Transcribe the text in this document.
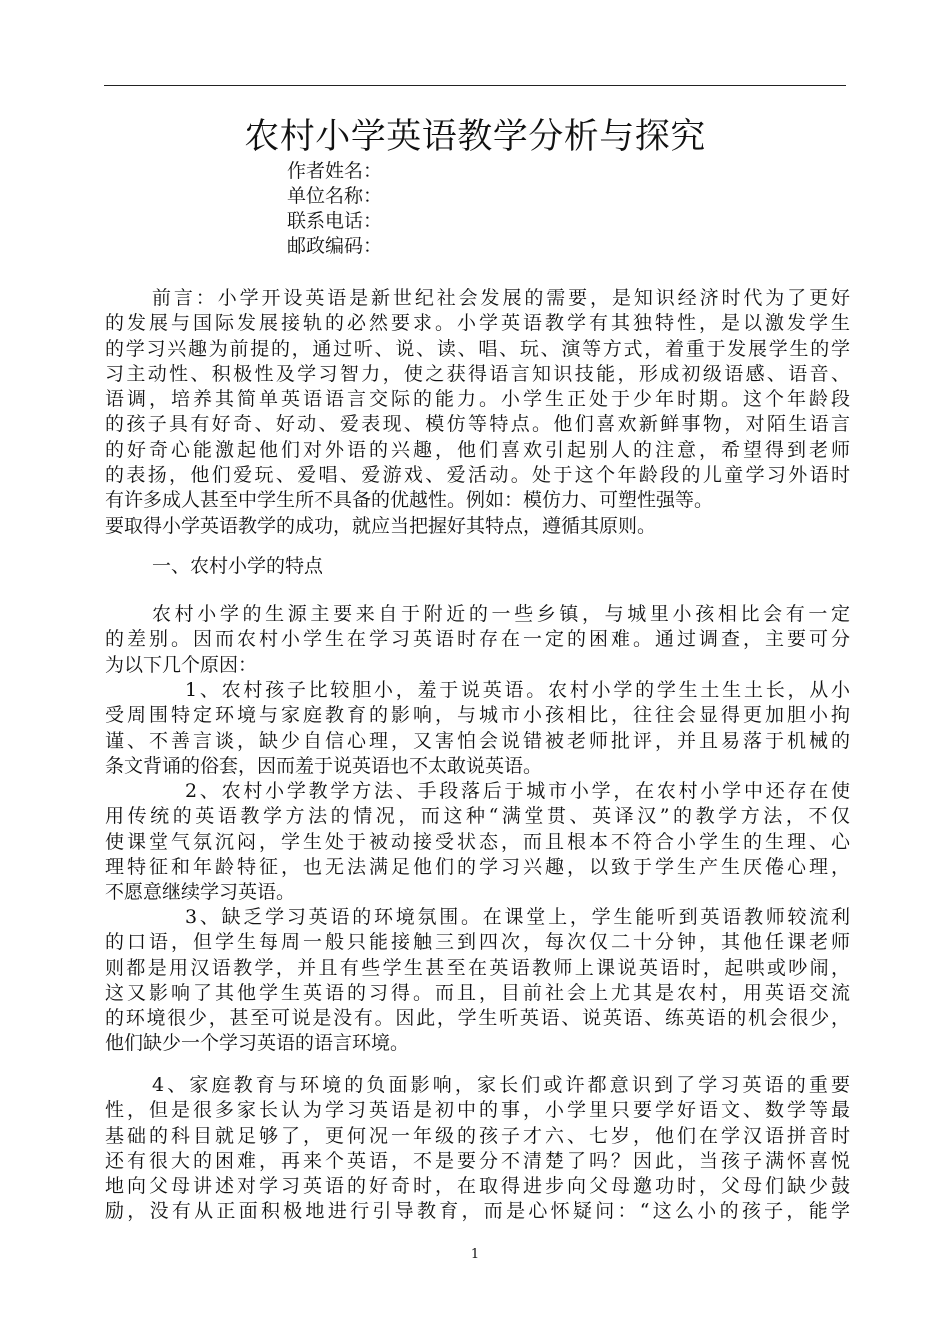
农村小学英语教学分析与探究
作者姓名：
单位名称：
联系电话：
邮政编码：
前言：小学开设英语是新世纪社会发展的需要，是知识经济时代为了更好
的发展与国际发展接轨的必然要求。小学英语教学有其独特性，是以激发学生
的学习兴趣为前提的，通过听、说、读、唱、玩、演等方式，着重于发展学生的学
习主动性、积极性及学习智力，使之获得语言知识技能，形成初级语感、语音、
语调，培养其简单英语语言交际的能力。小学生正处于少年时期。这个年龄段
的孩子具有好奇、好动、爱表现、模仿等特点。他们喜欢新鲜事物，对陌生语言
的好奇心能激起他们对外语的兴趣，他们喜欢引起别人的注意，希望得到老师
的表扬，他们爱玩、爱唱、爱游戏、爱活动。处于这个年龄段的儿童学习外语时
有许多成人甚至中学生所不具备的优越性。例如：模仿力、可塑性强等。
要取得小学英语教学的成功，就应当把握好其特点，遵循其原则。
一、农村小学的特点
农村小学的生源主要来自于附近的一些乡镇，与城里小孩相比会有一定
的差别。因而农村小学生在学习英语时存在一定的困难。通过调查，主要可分
为以下几个原因：
1、农村孩子比较胆小，羞于说英语。农村小学的学生土生土长，从小
受周围特定环境与家庭教育的影响，与城市小孩相比，往往会显得更加胆小拘
谨、不善言谈，缺少自信心理，又害怕会说错被老师批评，并且易落于机械的
条文背诵的俗套，因而羞于说英语也不太敢说英语。
2、农村小学教学方法、手段落后于城市小学，在农村小学中还存在使
用传统的英语教学方法的情况，而这种“满堂贯、英译汉”的教学方法，不仅
使课堂气氛沉闷，学生处于被动接受状态，而且根本不符合小学生的生理、心
理特征和年龄特征，也无法满足他们的学习兴趣，以致于学生产生厌倦心理，
不愿意继续学习英语。
3、缺乏学习英语的环境氛围。在课堂上，学生能听到英语教师较流利
的口语，但学生每周一般只能接触三到四次，每次仅二十分钟，其他任课老师
则都是用汉语教学，并且有些学生甚至在英语教师上课说英语时，起哄或吵闹，
这又影响了其他学生英语的习得。而且，目前社会上尤其是农村，用英语交流
的环境很少，甚至可说是没有。因此，学生听英语、说英语、练英语的机会很少，
他们缺少一个学习英语的语言环境。
4、家庭教育与环境的负面影响，家长们或许都意识到了学习英语的重要
性，但是很多家长认为学习英语是初中的事，小学里只要学好语文、数学等最
基础的科目就足够了，更何况一年级的孩子才六、七岁，他们在学汉语拼音时
还有很大的困难，再来个英语，不是要分不清楚了吗？因此，当孩子满怀喜悦
地向父母讲述对学习英语的好奇时，在取得进步向父母邀功时，父母们缺少鼓
励，没有从正面积极地进行引导教育，而是心怀疑问：“这么小的孩子，能学
1
